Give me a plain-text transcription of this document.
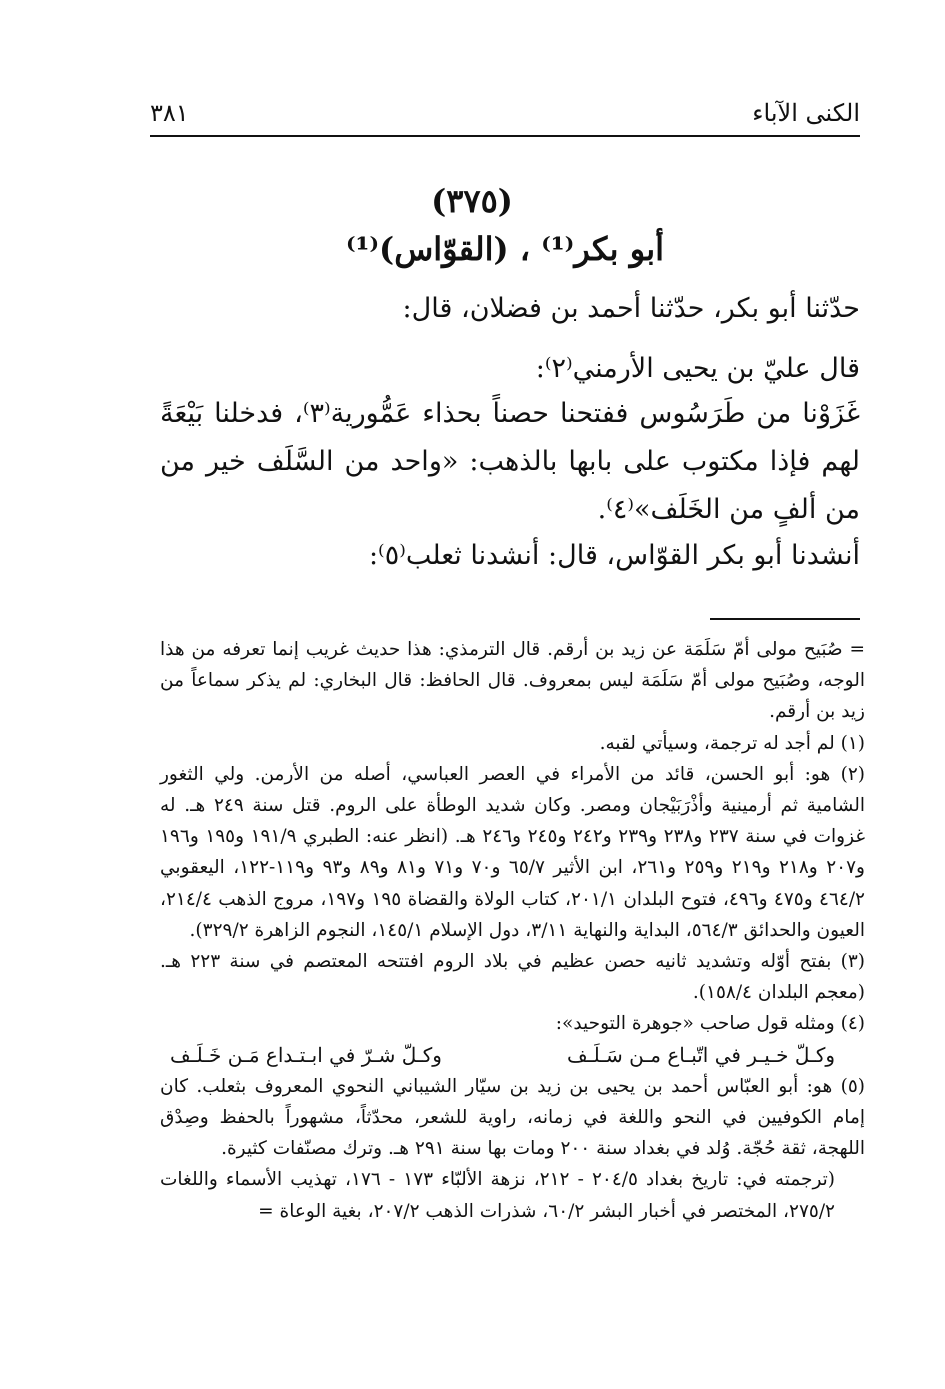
الكنى الآباء
٣٨١
(٣٧٥)
أبو بكر⁽¹⁾ ، (القوّاس)⁽¹⁾

حدّثنا أبو بكر، حدّثنا أحمد بن فضلان، قال:

قال عليّ بن يحيى الأرمني⁽٢⁾:

غَزَوْنا من طَرَسُوس ففتحنا حصناً بحذاء عَمُّورية⁽٣⁾، فدخلنا بَيْعَةً لهم فإذا مكتوب على بابها بالذهب: «واحد من السَّلَف خير من من ألفٍ من الخَلَف»⁽٤⁾.

أنشدنا أبو بكر القوّاس، قال: أنشدنا ثعلب⁽٥⁾:

= صُبَيح مولى أمّ سَلَمَة عن زيد بن أرقم. قال الترمذي: هذا حديث غريب إنما تعرفه من هذا الوجه، وصُبَيح مولى أمّ سَلَمَة ليس بمعروف. قال الحافظ: قال البخاري: لم يذكر سماعاً من زيد بن أرقم.

(١) لم أجد له ترجمة، وسيأتي لقبه.

(٢) هو: أبو الحسن، قائد من الأمراء في العصر العباسي، أصله من الأرمن. ولي الثغور الشامية ثم أرمينية وأذْرَبَيْجان ومصر. وكان شديد الوطأة على الروم. قتل سنة ٢٤٩ هـ. له غزوات في سنة ٢٣٧ و٢٣٨ و٢٣٩ و٢٤٢ و٢٤٥ و٢٤٦ هـ. (انظر عنه: الطبري ١٩١/٩ و١٩٥ و١٩٦ و٢٠٧ و٢١٨ و٢١٩ و٢٥٩ و٢٦١، ابن الأثير ٦٥/٧ و٧٠ و٧١ و٨١ و٨٩ و٩٣ و١١٩-١٢٢، اليعقوبي ٤٦٤/٢ و٤٧٥ و٤٩٦، فتوح البلدان ٢٠١/١، كتاب الولاة والقضاة ١٩٥ و١٩٧، مروج الذهب ٢١٤/٤، العيون والحدائق ٥٦٤/٣، البداية والنهاية ٣/١١، دول الإسلام ١٤٥/١، النجوم الزاهرة ٣٢٩/٢).

(٣) بفتح أوّله وتشديد ثانيه حصن عظيم في بلاد الروم افتتحه المعتصم في سنة ٢٢٣ هـ. (معجم البلدان ١٥٨/٤).

(٤) ومثله قول صاحب «جوهرة التوحيد»:

وكـلّ خـيـر في اتّبـاع مـن سَـلَـف
وكـلّ شـرّ في ابـتـداع مَـن خَـلَـف

(٥) هو: أبو العبّاس أحمد بن يحيى بن زيد بن سيّار الشيباني النحوي المعروف بثعلب. كان إمام الكوفيين في النحو واللغة في زمانه، راوية للشعر، محدّثاً، مشهوراً بالحفظ وصِدْق اللهجة، ثقة حُجّة. وُلد في بغداد سنة ٢٠٠ ومات بها سنة ٢٩١ هـ. وترك مصنّفات كثيرة.

(ترجمته في: تاريخ بغداد ٢٠٤/٥ - ٢١٢، نزهة الألبّاء ١٧٣ - ١٧٦، تهذيب الأسماء واللغات ٢٧٥/٢، المختصر في أخبار البشر ٦٠/٢، شذرات الذهب ٢٠٧/٢، بغية الوعاة =
